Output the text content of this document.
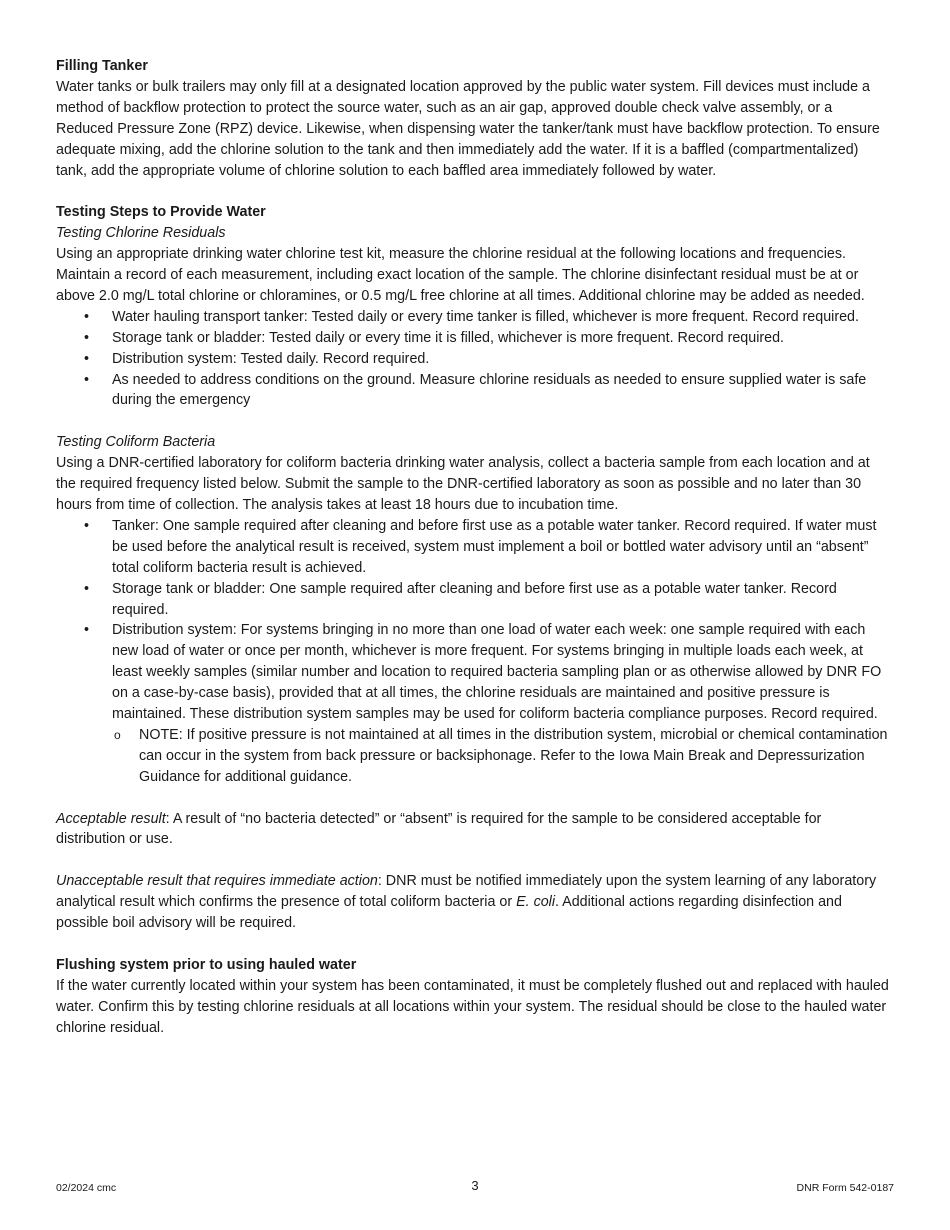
Filling Tanker

Water tanks or bulk trailers may only fill at a designated location approved by the public water system. Fill devices must include a method of backflow protection to protect the source water, such as an air gap, approved double check valve assembly, or a Reduced Pressure Zone (RPZ) device. Likewise, when dispensing water the tanker/tank must have backflow protection. To ensure adequate mixing, add the chlorine solution to the tank and then immediately add the water. If it is a baffled (compartmentalized) tank, add the appropriate volume of chlorine solution to each baffled area immediately followed by water.

Testing Steps to Provide Water

Testing Chlorine Residuals

Using an appropriate drinking water chlorine test kit, measure the chlorine residual at the following locations and frequencies. Maintain a record of each measurement, including exact location of the sample. The chlorine disinfectant residual must be at or above 2.0 mg/L total chlorine or chloramines, or 0.5 mg/L free chlorine at all times. Additional chlorine may be added as needed.

• Water hauling transport tanker: Tested daily or every time tanker is filled, whichever is more frequent. Record required.
• Storage tank or bladder: Tested daily or every time it is filled, whichever is more frequent. Record required.
• Distribution system: Tested daily. Record required.
• As needed to address conditions on the ground. Measure chlorine residuals as needed to ensure supplied water is safe during the emergency

Testing Coliform Bacteria

Using a DNR-certified laboratory for coliform bacteria drinking water analysis, collect a bacteria sample from each location and at the required frequency listed below. Submit the sample to the DNR-certified laboratory as soon as possible and no later than 30 hours from time of collection. The analysis takes at least 18 hours due to incubation time.

• Tanker: One sample required after cleaning and before first use as a potable water tanker. Record required. If water must be used before the analytical result is received, system must implement a boil or bottled water advisory until an “absent” total coliform bacteria result is achieved.
• Storage tank or bladder: One sample required after cleaning and before first use as a potable water tanker. Record required.
• Distribution system: For systems bringing in no more than one load of water each week: one sample required with each new load of water or once per month, whichever is more frequent. For systems bringing in multiple loads each week, at least weekly samples (similar number and location to required bacteria sampling plan or as otherwise allowed by DNR FO on a case-by-case basis), provided that at all times, the chlorine residuals are maintained and positive pressure is maintained. These distribution system samples may be used for coliform bacteria compliance purposes. Record required.
o NOTE: If positive pressure is not maintained at all times in the distribution system, microbial or chemical contamination can occur in the system from back pressure or backsiphonage. Refer to the Iowa Main Break and Depressurization Guidance for additional guidance.

Acceptable result: A result of “no bacteria detected” or “absent” is required for the sample to be considered acceptable for distribution or use.

Unacceptable result that requires immediate action: DNR must be notified immediately upon the system learning of any laboratory analytical result which confirms the presence of total coliform bacteria or E. coli. Additional actions regarding disinfection and possible boil advisory will be required.

Flushing system prior to using hauled water

If the water currently located within your system has been contaminated, it must be completely flushed out and replaced with hauled water. Confirm this by testing chlorine residuals at all locations within your system. The residual should be close to the hauled water chlorine residual.

02/2024 cmc	3	DNR Form 542-0187
